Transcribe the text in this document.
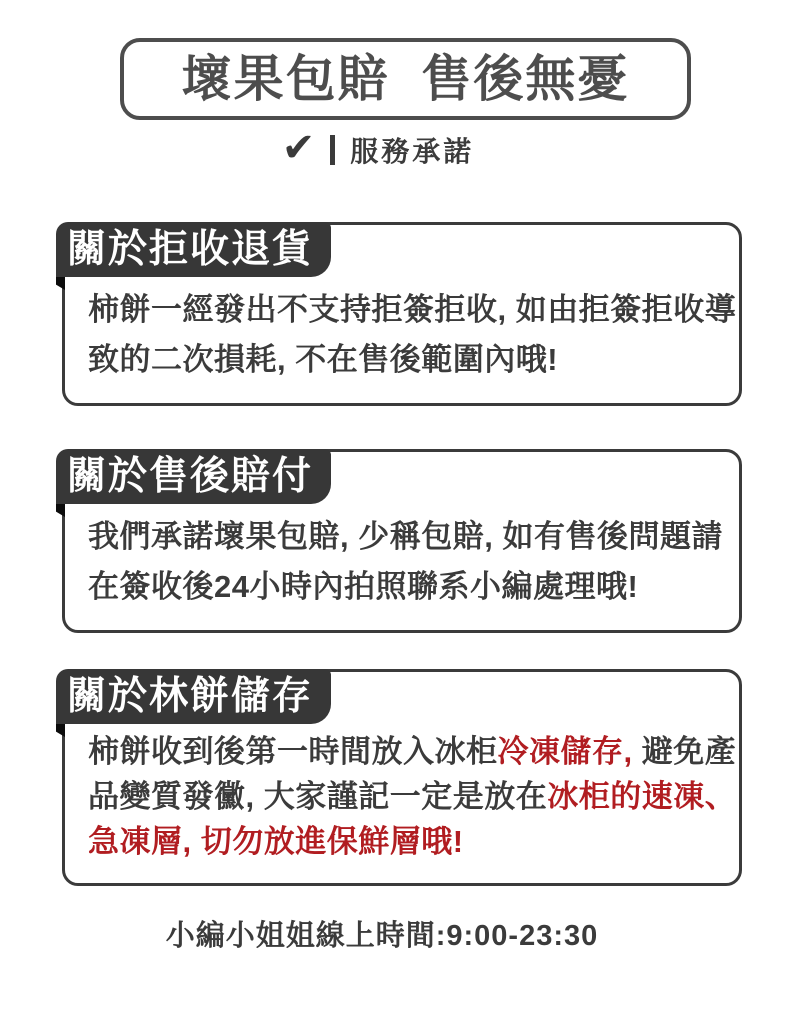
壞果包賠  售後無憂
✔ 服務承諾
關於拒收退貨
柿餅一經發出不支持拒簽拒收, 如由拒簽拒收導
致的二次損耗, 不在售後範圍內哦!
關於售後賠付
我們承諾壞果包賠, 少稱包賠, 如有售後問題請
在簽收後24小時內拍照聯系小編處理哦!
關於林餅儲存
柿餅收到後第一時間放入冰柜冷凍儲存, 避免產
品變質發黴, 大家謹記一定是放在冰柜的速凍、
急凍層, 切勿放進保鮮層哦!
小編小姐姐線上時間:9:00-23:30
